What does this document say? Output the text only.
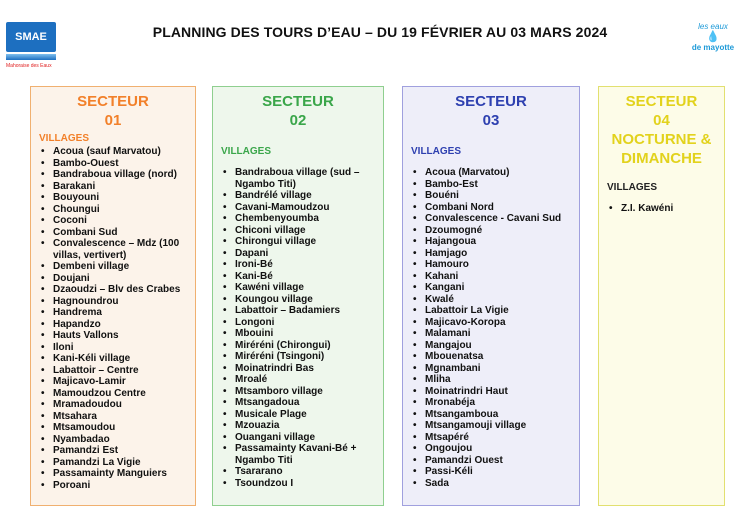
SMAE
Mahoraise des Eaux
PLANNING DES TOURS D’EAU – DU 19 FÉVRIER AU 03 MARS 2024	les eaux
💧
de mayotte
SECTEUR
01
VILLAGES
• Acoua (sauf Marvatou)
• Bambo-Ouest
• Bandraboua village (nord)
• Barakani
• Bouyouni
• Choungui
• Coconi
• Combani Sud
• Convalescence – Mdz (100 villas, vertivert)
• Dembeni village
• Doujani
• Dzaoudzi – Blv des Crabes
• Hagnoundrou
• Handrema
• Hapandzo
• Hauts Vallons
• Iloni
• Kani-Kéli village
• Labattoir – Centre
• Majicavo-Lamir
• Mamoudzou Centre
• Mramadoudou
• Mtsahara
• Mtsamoudou
• Nyambadao
• Pamandzi Est
• Pamandzi La Vigie
• Passamainty Manguiers
• Poroani
SECTEUR
02
VILLAGES
• Bandraboua village (sud – Ngambo Titi)
• Bandrélé village
• Cavani-Mamoudzou
• Chembenyoumba
• Chiconi village
• Chirongui village
• Dapani
• Ironi-Bé
• Kani-Bé
• Kawéni village
• Koungou village
• Labattoir – Badamiers
• Longoni
• Mbouini
• Miréréni (Chirongui)
• Miréréni (Tsingoni)
• Moinatrindri Bas
• Mroalé
• Mtsamboro village
• Mtsangadoua
• Musicale Plage
• Mzouazia
• Ouangani village
• Passamainty Kavani-Bé + Ngambo Titi
• Tsararano
• Tsoundzou I
SECTEUR
03
VILLAGES
• Acoua (Marvatou)
• Bambo-Est
• Bouéni
• Combani Nord
• Convalescence - Cavani Sud
• Dzoumogné
• Hajangoua
• Hamjago
• Hamouro
• Kahani
• Kangani
• Kwalé
• Labattoir La Vigie
• Majicavo-Koropa
• Malamani
• Mangajou
• Mbouenatsa
• Mgnambani
• Mliha
• Moinatrindri Haut
• Mronabéja
• Mtsangamboua
• Mtsangamouji village
• Mtsapéré
• Ongoujou
• Pamandzi Ouest
• Passi-Kéli
• Sada
SECTEUR
04
NOCTURNE & DIMANCHE
VILLAGES
• Z.I. Kawéni
